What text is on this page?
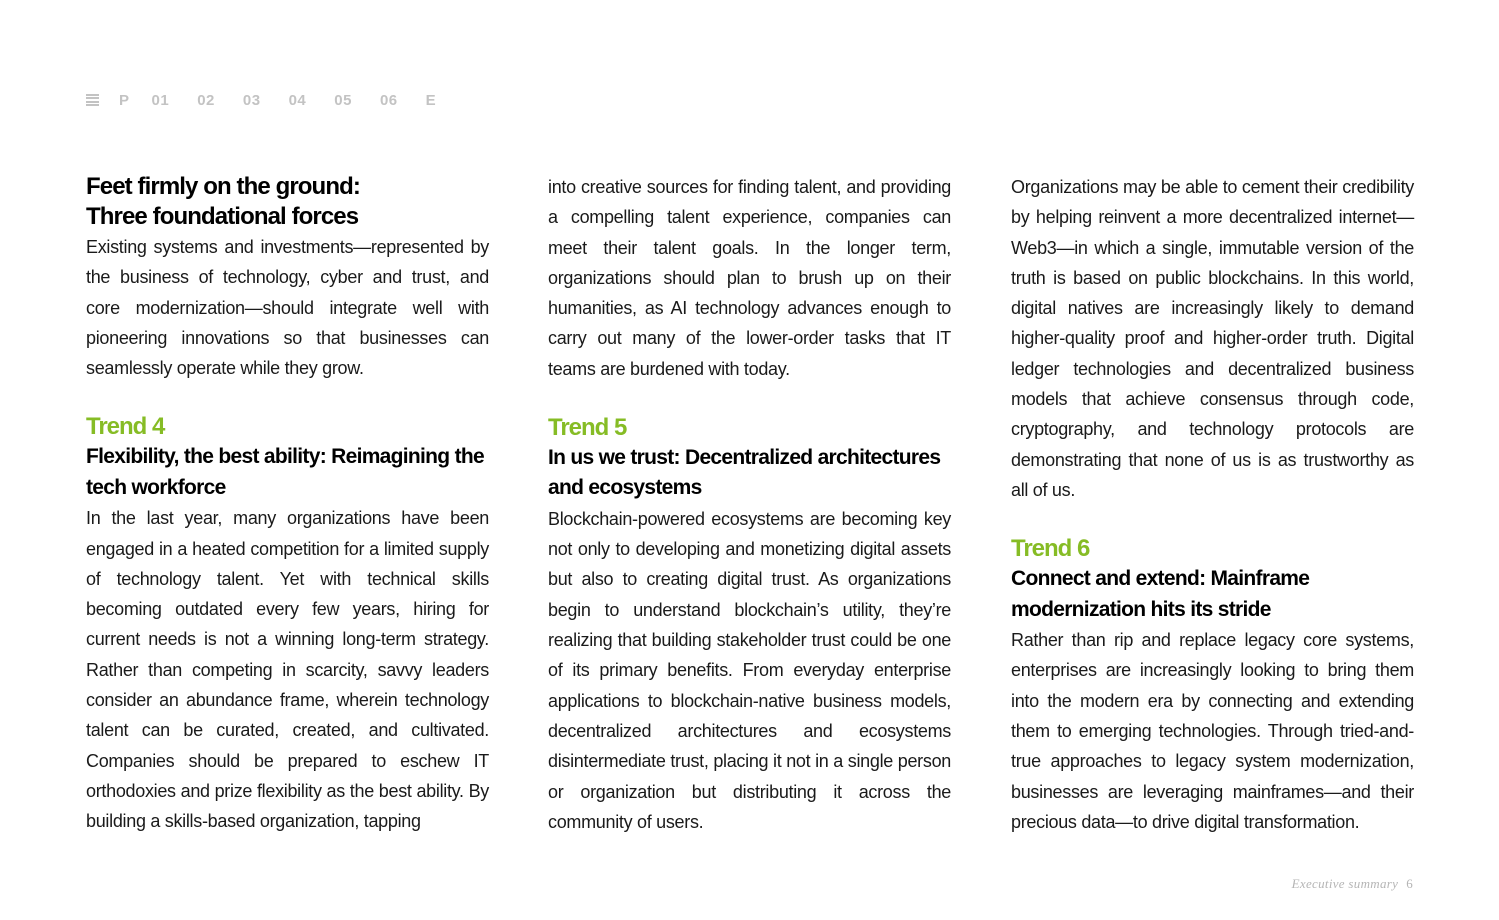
P 01 02 03 04 05 06 E
Feet firmly on the ground:
Three foundational forces

Existing systems and investments—represented by the business of technology, cyber and trust, and core modernization—should integrate well with pioneering innovations so that businesses can seamlessly operate while they grow.

Trend 4
Flexibility, the best ability: Reimagining the tech workforce

In the last year, many organizations have been engaged in a heated competition for a limited supply of technology talent. Yet with technical skills becoming outdated every few years, hiring for current needs is not a winning long-term strategy. Rather than competing in scarcity, savvy leaders consider an abundance frame, wherein technology talent can be curated, created, and cultivated. Companies should be prepared to eschew IT orthodoxies and prize flexibility as the best ability. By building a skills-based organization, tapping

into creative sources for finding talent, and providing a compelling talent experience, companies can meet their talent goals. In the longer term, organizations should plan to brush up on their humanities, as AI technology advances enough to carry out many of the lower-order tasks that IT teams are burdened with today.

Trend 5
In us we trust: Decentralized architectures and ecosystems

Blockchain-powered ecosystems are becoming key not only to developing and monetizing digital assets but also to creating digital trust. As organizations begin to understand blockchain’s utility, they’re realizing that building stakeholder trust could be one of its primary benefits. From everyday enterprise applications to blockchain-native business models, decentralized architectures and ecosystems disintermediate trust, placing it not in a single person or organization but distributing it across the community of users.

Organizations may be able to cement their credibility by helping reinvent a more decentralized internet—Web3—in which a single, immutable version of the truth is based on public blockchains. In this world, digital natives are increasingly likely to demand higher-quality proof and higher-order truth. Digital ledger technologies and decentralized business models that achieve consensus through code, cryptography, and technology protocols are demonstrating that none of us is as trustworthy as all of us.

Trend 6
Connect and extend: Mainframe modernization hits its stride

Rather than rip and replace legacy core systems, enterprises are increasingly looking to bring them into the modern era by connecting and extending them to emerging technologies. Through tried-and-true approaches to legacy system modernization, businesses are leveraging mainframes—and their precious data—to drive digital transformation.

Executive summary 6
